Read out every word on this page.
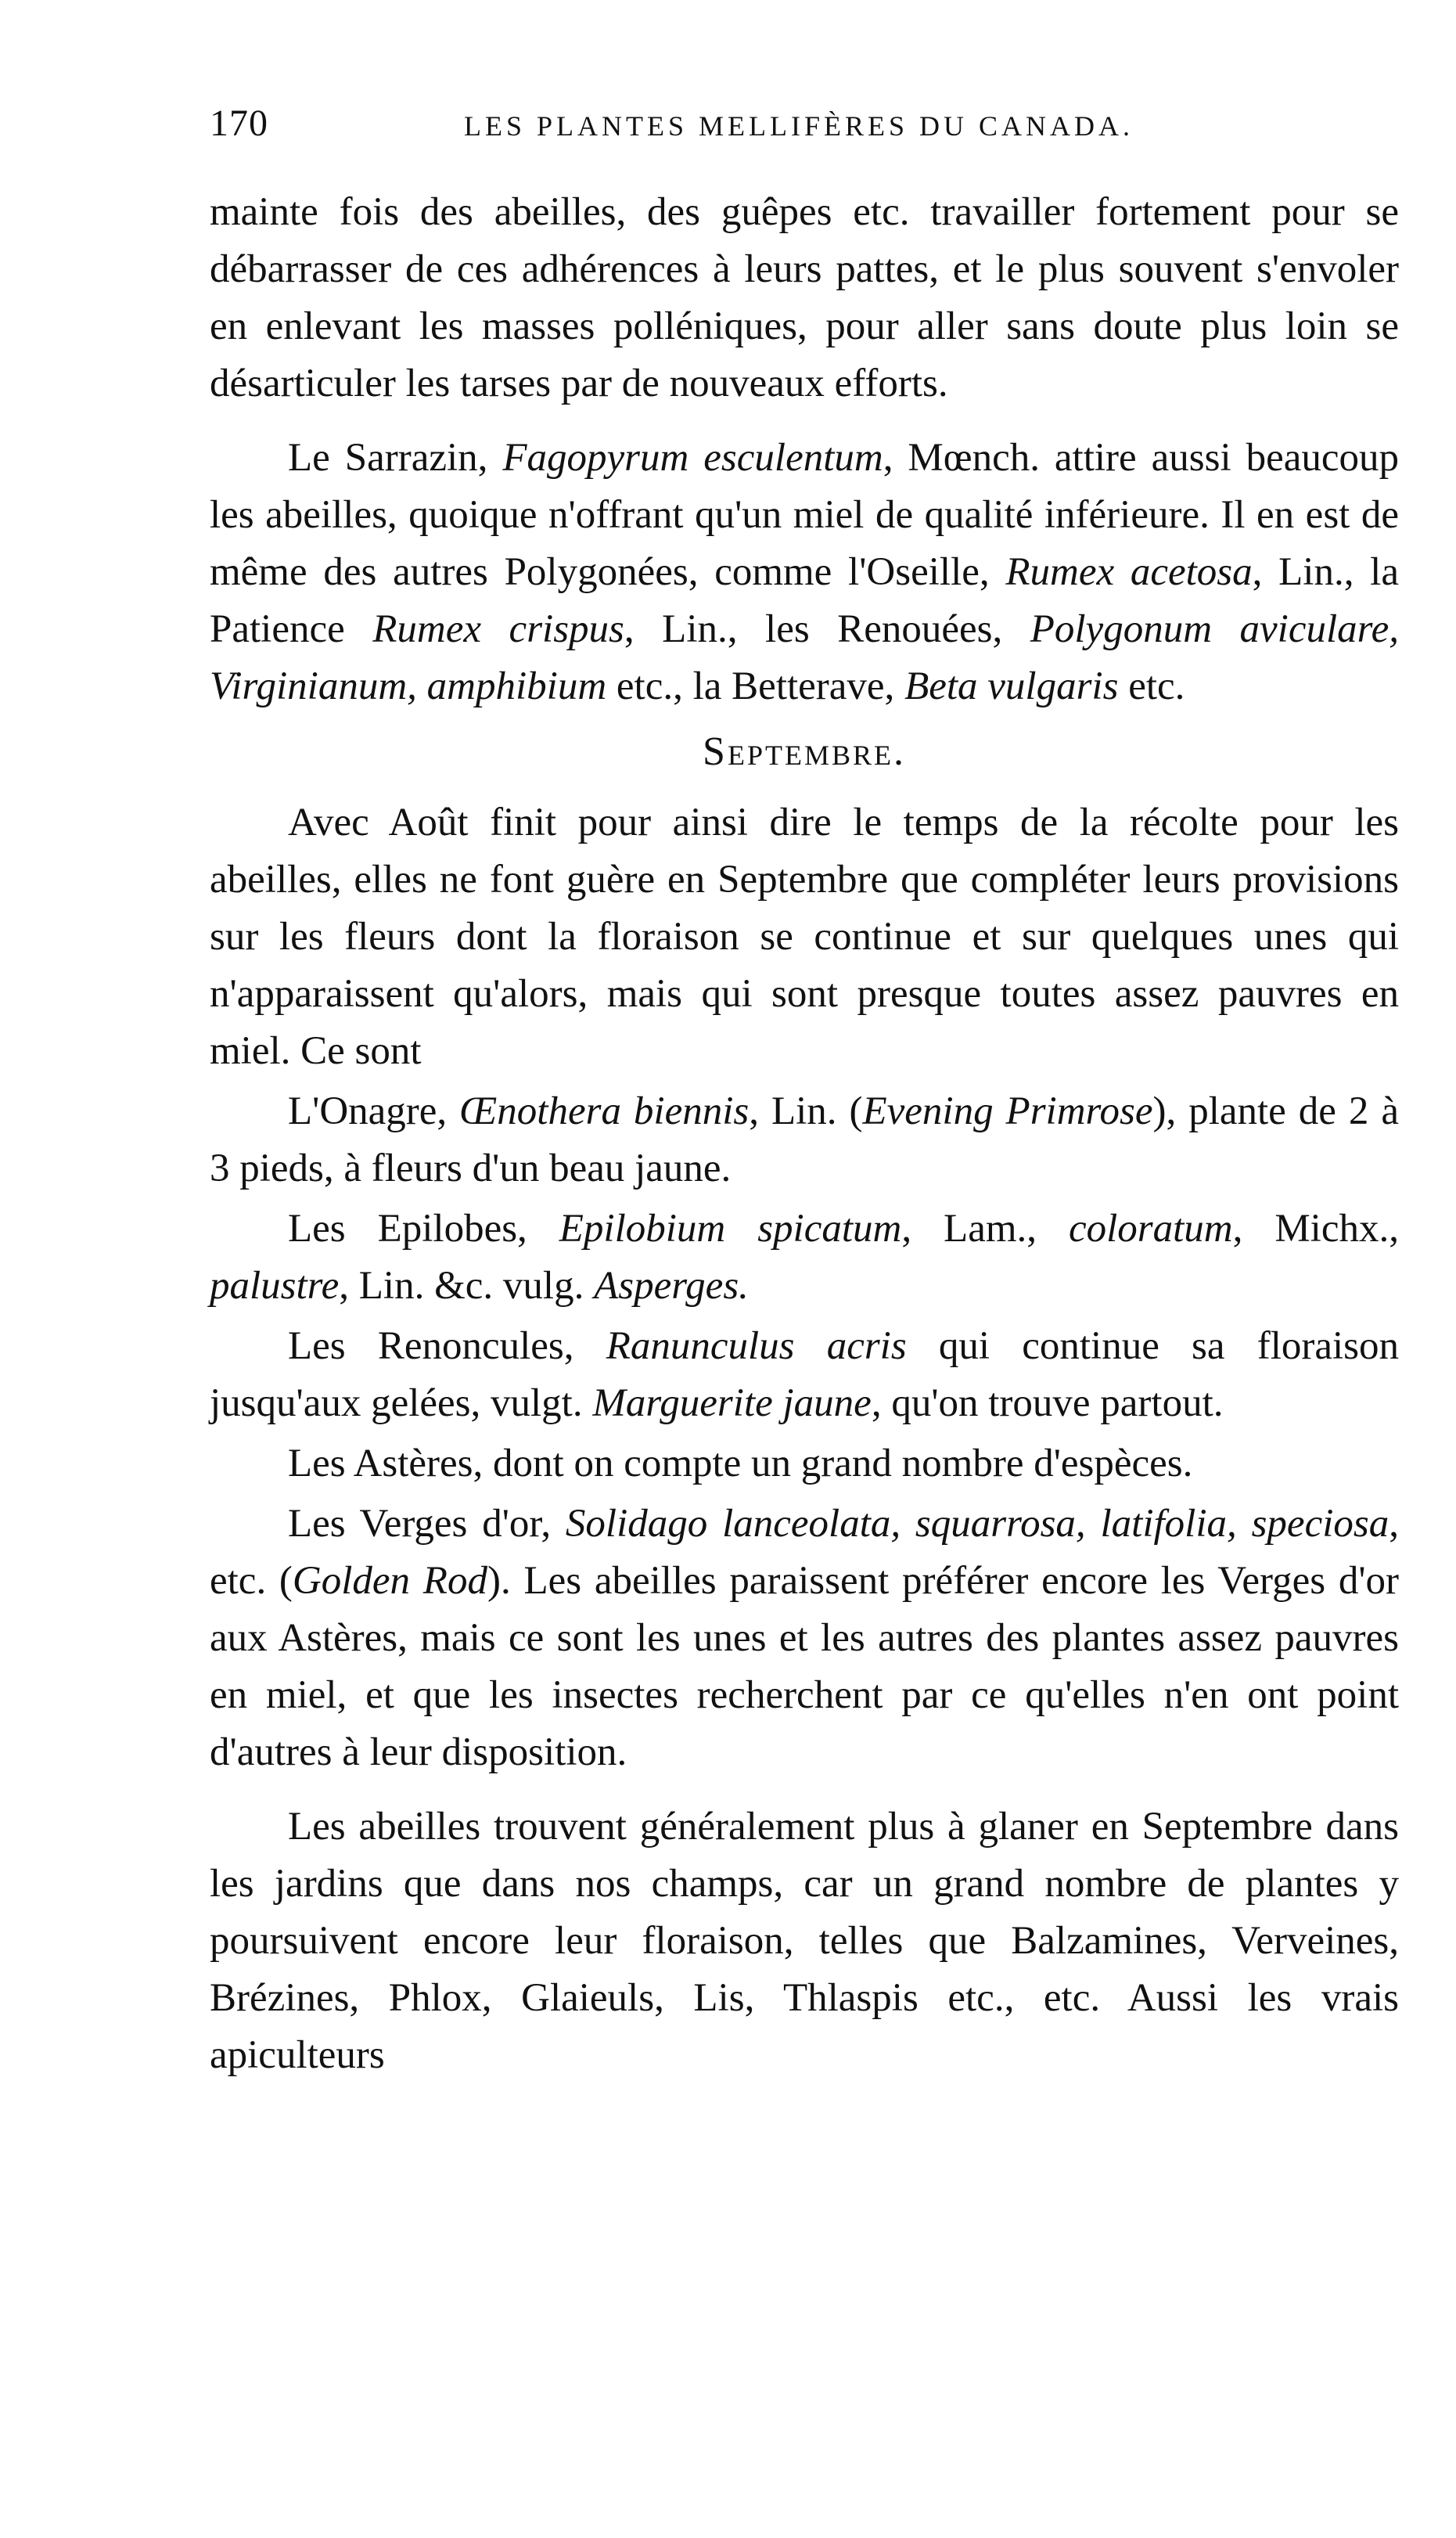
170	LES PLANTES MELLIFÈRES DU CANADA.

mainte fois des abeilles, des guêpes etc. travailler fortement pour se débarrasser de ces adhérences à leurs pattes, et le plus souvent s'envoler en enlevant les masses polléniques, pour aller sans doute plus loin se désarticuler les tarses par de nouveaux efforts.

Le Sarrazin, Fagopyrum esculentum, Mœnch. attire aussi beaucoup les abeilles, quoique n'offrant qu'un miel de qualité inférieure. Il en est de même des autres Polygonées, comme l'Oseille, Rumex acetosa, Lin., la Patience Rumex crispus, Lin., les Renouées, Polygonum aviculare, Virginianum, amphibium etc., la Betterave, Beta vulgaris etc.

Septembre.

Avec Août finit pour ainsi dire le temps de la récolte pour les abeilles, elles ne font guère en Septembre que compléter leurs provisions sur les fleurs dont la floraison se continue et sur quelques unes qui n'apparaissent qu'alors, mais qui sont presque toutes assez pauvres en miel. Ce sont

L'Onagre, Œnothera biennis, Lin. (Evening Primrose), plante de 2 à 3 pieds, à fleurs d'un beau jaune.

Les Epilobes, Epilobium spicatum, Lam., coloratum, Michx., palustre, Lin. &c. vulg. Asperges.

Les Renoncules, Ranunculus acris qui continue sa floraison jusqu'aux gelées, vulgt. Marguerite jaune, qu'on trouve partout.

Les Astères, dont on compte un grand nombre d'espèces.

Les Verges d'or, Solidago lanceolata, squarrosa, latifolia, speciosa, etc. (Golden Rod). Les abeilles paraissent préférer encore les Verges d'or aux Astères, mais ce sont les unes et les autres des plantes assez pauvres en miel, et que les insectes recherchent par ce qu'elles n'en ont point d'autres à leur disposition.

Les abeilles trouvent généralement plus à glaner en Septembre dans les jardins que dans nos champs, car un grand nombre de plantes y poursuivent encore leur floraison, telles que Balzamines, Verveines, Brézines, Phlox, Glaieuls, Lis, Thlaspis etc., etc. Aussi les vrais apiculteurs
